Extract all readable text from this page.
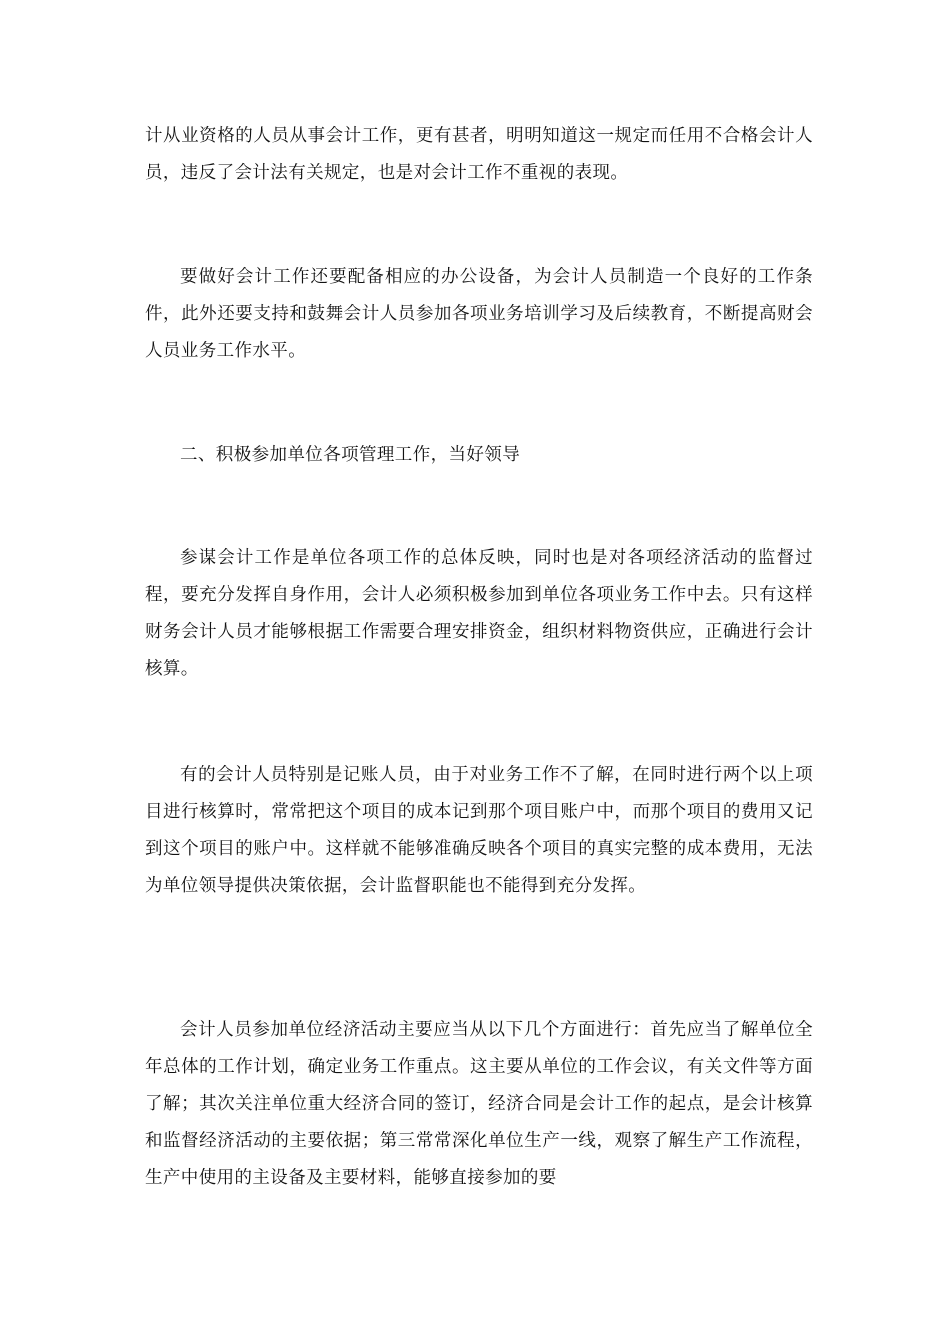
计从业资格的人员从事会计工作，更有甚者，明明知道这一规定而任用不合格会计人员，违反了会计法有关规定，也是对会计工作不重视的表现。

要做好会计工作还要配备相应的办公设备，为会计人员制造一个良好的工作条件，此外还要支持和鼓舞会计人员参加各项业务培训学习及后续教育，不断提高财会人员业务工作水平。

二、积极参加单位各项管理工作，当好领导

参谋会计工作是单位各项工作的总体反映，同时也是对各项经济活动的监督过程，要充分发挥自身作用，会计人必须积极参加到单位各项业务工作中去。只有这样财务会计人员才能够根据工作需要合理安排资金，组织材料物资供应，正确进行会计核算。

有的会计人员特别是记账人员，由于对业务工作不了解，在同时进行两个以上项目进行核算时，常常把这个项目的成本记到那个项目账户中，而那个项目的费用又记到这个项目的账户中。这样就不能够准确反映各个项目的真实完整的成本费用，无法为单位领导提供决策依据，会计监督职能也不能得到充分发挥。

会计人员参加单位经济活动主要应当从以下几个方面进行：首先应当了解单位全年总体的工作计划，确定业务工作重点。这主要从单位的工作会议，有关文件等方面了解；其次关注单位重大经济合同的签订，经济合同是会计工作的起点，是会计核算和监督经济活动的主要依据；第三常常深化单位生产一线，观察了解生产工作流程，生产中使用的主设备及主要材料，能够直接参加的要
